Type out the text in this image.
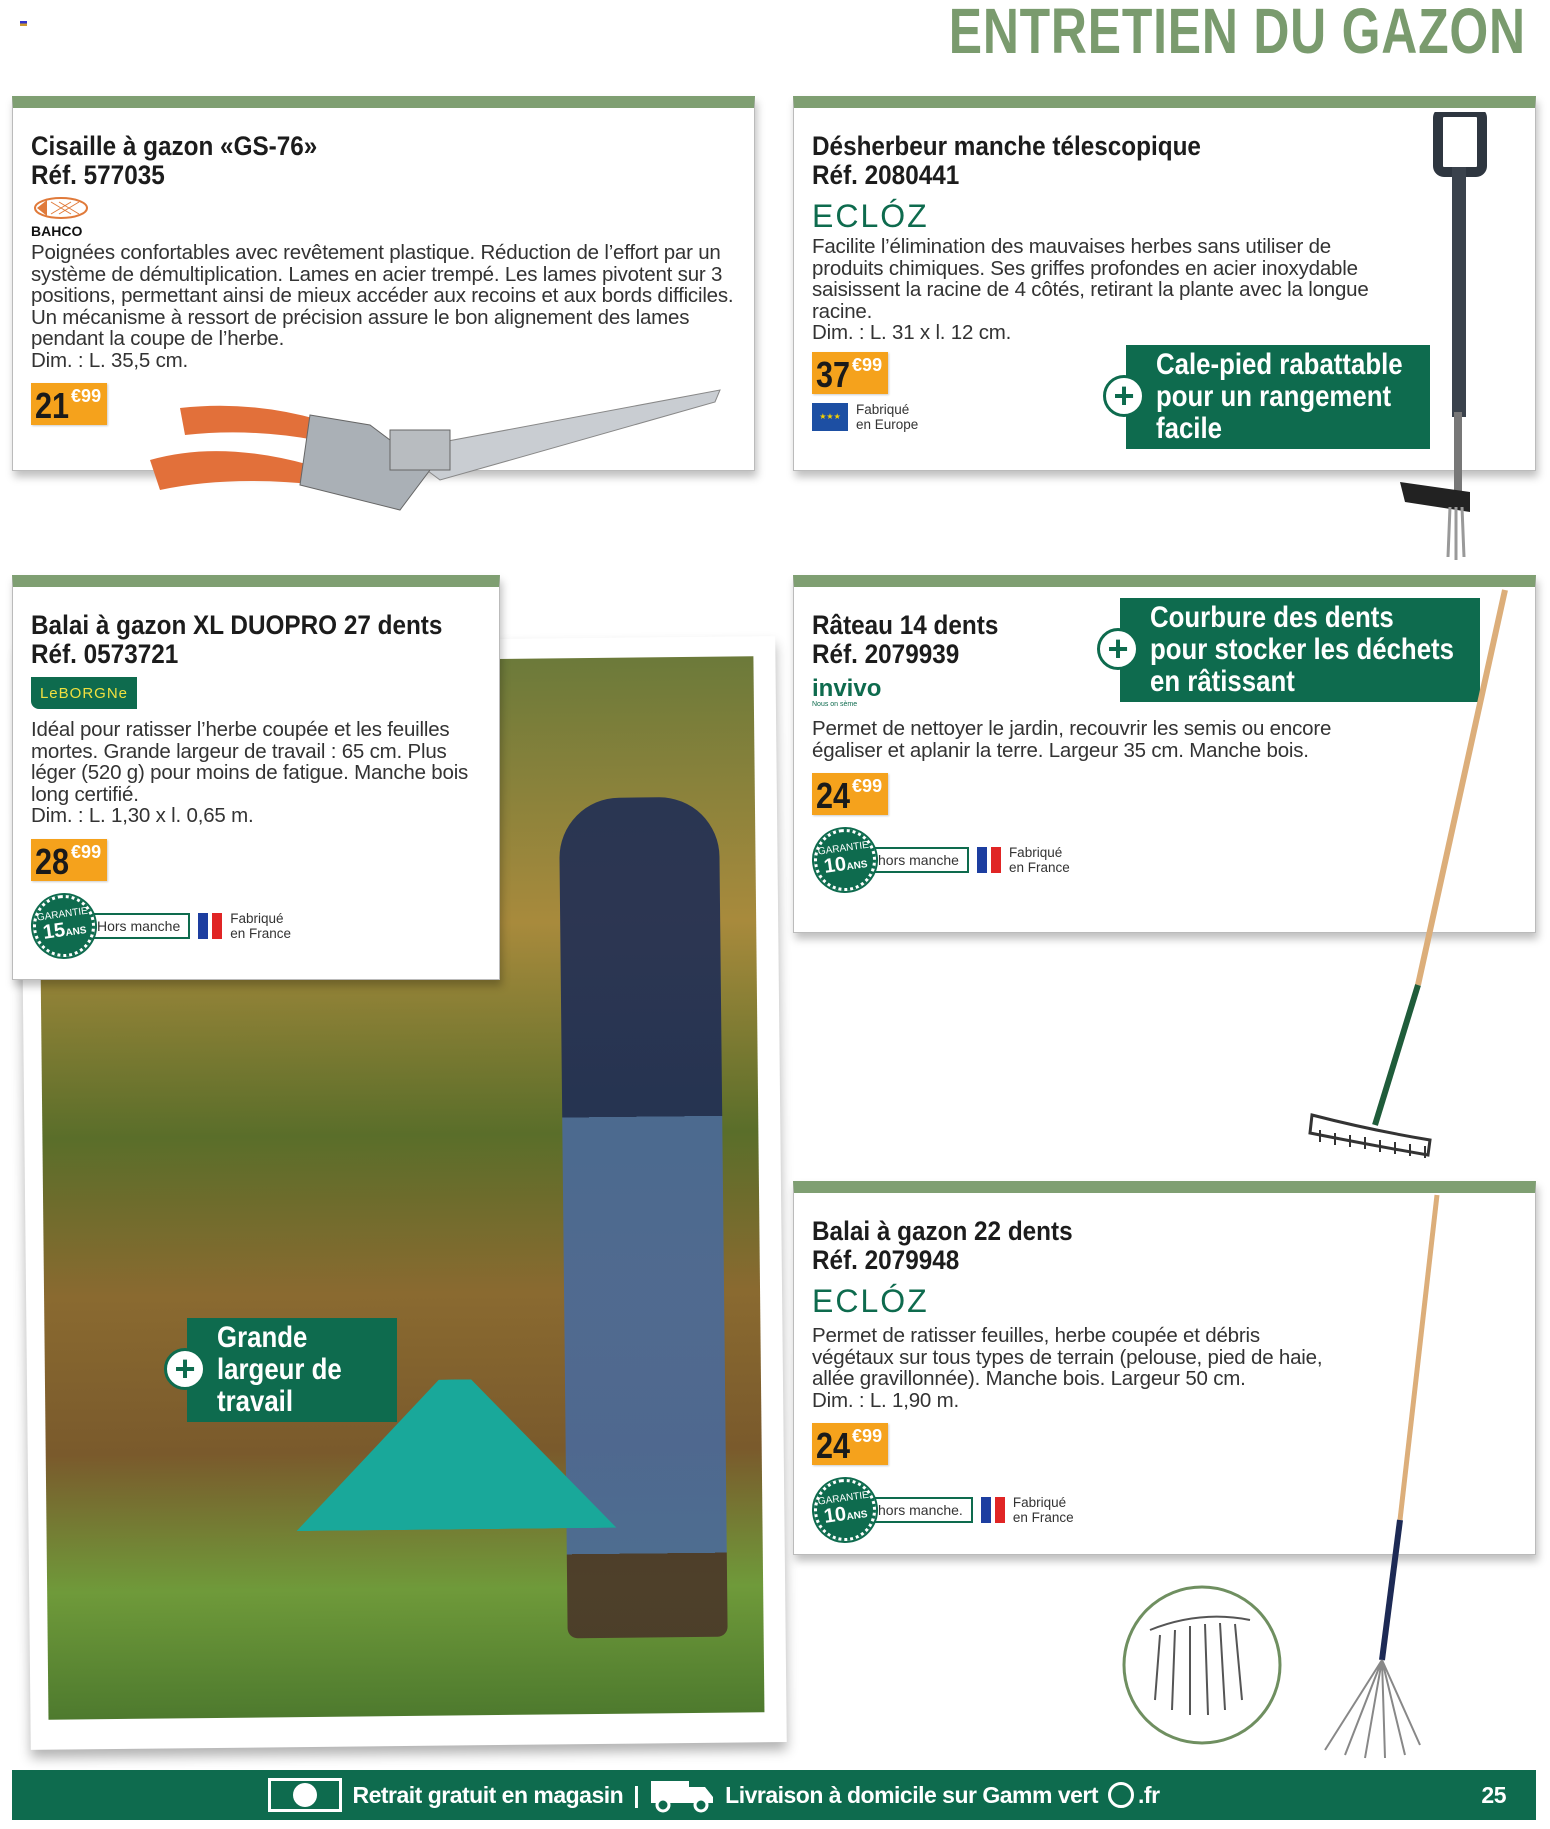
ENTRETIEN DU GAZON
Cisaille à gazon «GS-76»
Réf. 577035
BAHCO
Poignées confortables avec revêtement plastique. Réduction de l’effort par un système de démultiplication. Lames en acier trempé. Les lames pivotent sur 3 positions, permettant ainsi de mieux accéder aux recoins et aux bords difficiles. Un mécanisme à ressort de précision assure le bon alignement des lames pendant la coupe de l’herbe.
Dim. : L. 35,5 cm.
21 €99
Désherbeur manche télescopique
Réf. 2080441
ECLÓZ
Facilite l’élimination des mauvaises herbes sans utiliser de produits chimiques. Ses griffes profondes en acier inoxydable saisissent la racine de 4 côtés, retirant la plante avec la longue racine.
Dim. : L. 31 x l. 12 cm.
37 €99
★★★	Fabriqué
en Europe
Cale-pied rabattable
pour un rangement
facile
+
Grande
largeur de
travail
+
Balai à gazon XL DUOPRO 27 dents
Réf. 0573721
LeBORGNe
Idéal pour ratisser l’herbe coupée et les feuilles mortes. Grande largeur de travail : 65 cm. Plus léger (520 g) pour moins de fatigue. Manche bois long certifié.
Dim. : L. 1,30 x l. 0,65 m.
28 €99
GARANTIE
15ANS Hors manche	Fabriqué
en France
Râteau 14 dents
Réf. 2079939
invivo
Nous on sème
Permet de nettoyer le jardin, recouvrir les semis ou encore égaliser et aplanir la terre. Largeur 35 cm. Manche bois.
24 €99
GARANTIE
10ANS hors manche	Fabriqué
en France
Courbure des dents
pour stocker les déchets
en râtissant
+
Balai à gazon 22 dents
Réf. 2079948
ECLÓZ
Permet de ratisser feuilles, herbe coupée et débris végétaux sur tous types de terrain (pelouse, pied de haie, allée gravillonnée). Manche bois. Largeur 50 cm.
Dim. : L. 1,90 m.
24 €99
GARANTIE
10ANS hors manche.	Fabriqué
en France
Retrait gratuit en magasin |	Livraison à domicile sur Gamm vert .fr	25
